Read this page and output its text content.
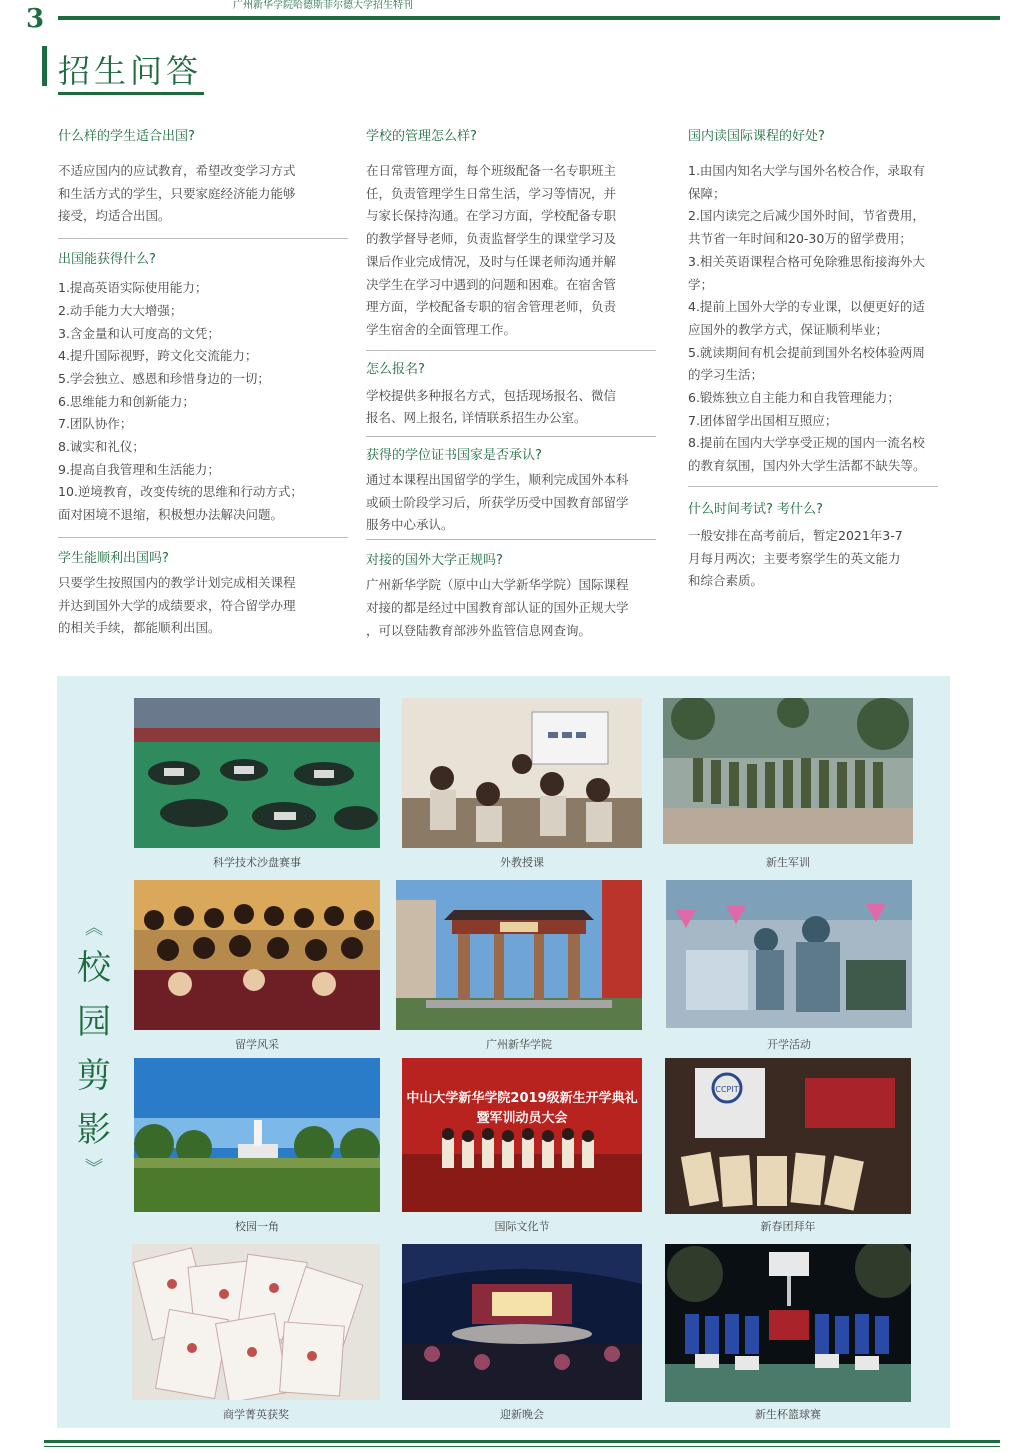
3	广州新华学院哈德斯菲尔德大学招生特刊
招生问答
什么样的学生适合出国?
不适应国内的应试教育，希望改变学习方式
和生活方式的学生，只要家庭经济能力能够
接受，均适合出国。
出国能获得什么?
1.提高英语实际使用能力；
2.动手能力大大增强；
3.含金量和认可度高的文凭；
4.提升国际视野，跨文化交流能力；
5.学会独立、感恩和珍惜身边的一切；
6.思维能力和创新能力；
7.团队协作；
8.诚实和礼仪；
9.提高自我管理和生活能力；
10.逆境教育，改变传统的思维和行动方式；
面对困境不退缩，积极想办法解决问题。
学生能顺利出国吗?
只要学生按照国内的教学计划完成相关课程
并达到国外大学的成绩要求，符合留学办理
的相关手续，都能顺利出国。
学校的管理怎么样?
在日常管理方面，每个班级配备一名专职班主
任，负责管理学生日常生活，学习等情况，并
与家长保持沟通。在学习方面，学校配备专职
的教学督导老师，负责监督学生的课堂学习及
课后作业完成情况，及时与任课老师沟通并解
决学生在学习中遇到的问题和困难。在宿舍管
理方面，学校配备专职的宿舍管理老师，负责
学生宿舍的全面管理工作。
怎么报名?
学校提供多种报名方式，包括现场报名、微信
报名、网上报名, 详情联系招生办公室。
获得的学位证书国家是否承认?
通过本课程出国留学的学生，顺利完成国外本科
或硕士阶段学习后，所获学历受中国教育部留学
服务中心承认。
对接的国外大学正规吗?
广州新华学院（原中山大学新华学院）国际课程
对接的都是经过中国教育部认证的国外正规大学
，可以登陆教育部涉外监管信息网查询。
国内读国际课程的好处?
1.由国内知名大学与国外名校合作，录取有
保障；
2.国内读完之后减少国外时间，节省费用，
共节省一年时间和20-30万的留学费用；
3.相关英语课程合格可免除雅思衔接海外大
学；
4.提前上国外大学的专业课，以便更好的适
应国外的教学方式，保证顺利毕业；
5.就读期间有机会提前到国外名校体验两周
的学习生活；
6.锻炼独立自主能力和自我管理能力；
7.团体留学出国相互照应；
8.提前在国内大学享受正规的国内一流名校
的教育氛围，国内外大学生活都不缺失等。
什么时间考试? 考什么?
一般安排在高考前后，暂定2021年3-7
月每月两次；主要考察学生的英文能力
和综合素质。
︽
校
园
剪
影
︾
科学技术沙盘赛事	外教授课	新生军训
留学风采	广州新华学院	开学活动
校园一角
中山大学新华学院2019级新生开学典礼
暨军训动员大会
国际文化节
CCPIT
新春团拜年
商学菁英获奖	迎新晚会	新生杯篮球赛
